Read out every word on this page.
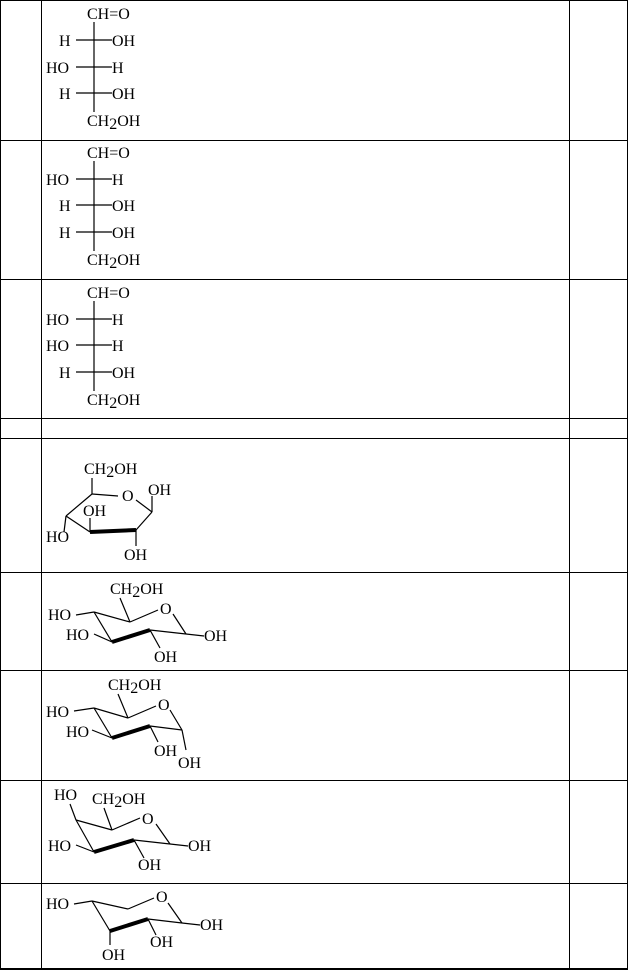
CH=O
H	OH
HO	H
H	OH
CH2OH
CH=O
HO	H
H	OH
H	OH
CH2OH
CH=O
HO	H
HO	H
H	OH
CH2OH
CH2OH
O OH
OH
HO
OH
CH2OH
O
HO
HO
OH
OH
CH2OH
O
HO
HO
OH
OH
HO CH2OH
O
HO
OH
OH
O
HO
OH
OH
OH
